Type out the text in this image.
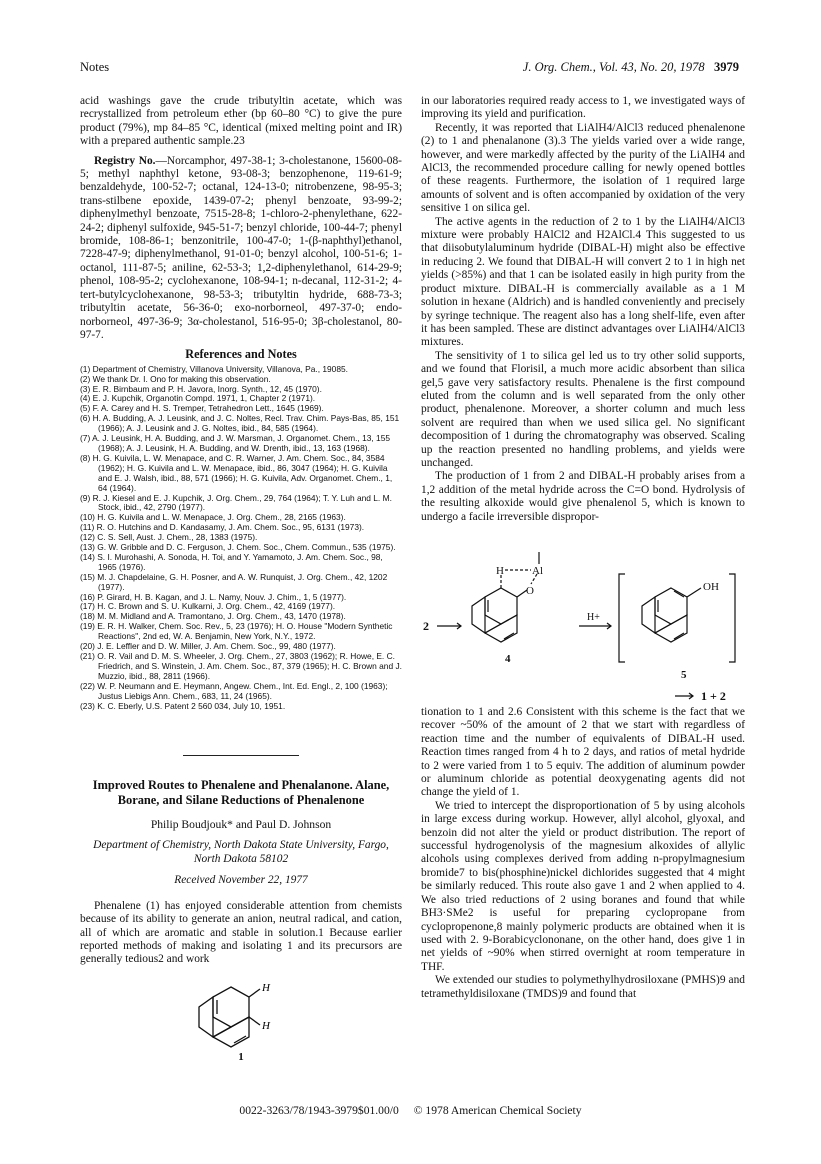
Notes	J. Org. Chem., Vol. 43, No. 20, 1978 3979

acid washings gave the crude tributyltin acetate, which was recrystallized from petroleum ether (bp 60–80 °C) to give the pure product (79%), mp 84–85 °C, identical (mixed melting point and IR) with a prepared authentic sample.23

Registry No.—Norcamphor, 497-38-1; 3-cholestanone, 15600-08-5; methyl naphthyl ketone, 93-08-3; benzophenone, 119-61-9; benzaldehyde, 100-52-7; octanal, 124-13-0; nitrobenzene, 98-95-3; trans-stilbene epoxide, 1439-07-2; phenyl benzoate, 93-99-2; diphenylmethyl benzoate, 7515-28-8; 1-chloro-2-phenylethane, 622-24-2; diphenyl sulfoxide, 945-51-7; benzyl chloride, 100-44-7; phenyl bromide, 108-86-1; benzonitrile, 100-47-0; 1-(β-naphthyl)ethanol, 7228-47-9; diphenylmethanol, 91-01-0; benzyl alcohol, 100-51-6; 1-octanol, 111-87-5; aniline, 62-53-3; 1,2-diphenylethanol, 614-29-9; phenol, 108-95-2; cyclohexanone, 108-94-1; n-decanal, 112-31-2; 4-tert-butylcyclohexanone, 98-53-3; tributyltin hydride, 688-73-3; tributyltin acetate, 56-36-0; exo-norborneol, 497-37-0; endo-norborneol, 497-36-9; 3α-cholestanol, 516-95-0; 3β-cholestanol, 80-97-7.

References and Notes
(1) Department of Chemistry, Villanova University, Villanova, Pa., 19085.
(2) We thank Dr. I. Ono for making this observation.
(3) E. R. Birnbaum and P. H. Javora, Inorg. Synth., 12, 45 (1970).
(4) E. J. Kupchik, Organotin Compd. 1971, 1, Chapter 2 (1971).
(5) F. A. Carey and H. S. Tremper, Tetrahedron Lett., 1645 (1969).
(6) H. A. Budding, A. J. Leusink, and J. C. Noltes, Recl. Trav. Chim. Pays-Bas, 85, 151 (1966); A. J. Leusink and J. G. Noltes, ibid., 84, 585 (1964).
(7) A. J. Leusink, H. A. Budding, and J. W. Marsman, J. Organomet. Chem., 13, 155 (1968); A. J. Leusink, H. A. Budding, and W. Drenth, ibid., 13, 163 (1968).
(8) H. G. Kuivila, L. W. Menapace, and C. R. Warner, J. Am. Chem. Soc., 84, 3584 (1962); H. G. Kuivila and L. W. Menapace, ibid., 86, 3047 (1964); H. G. Kuivila and E. J. Walsh, ibid., 88, 571 (1966); H. G. Kuivila, Adv. Organomet. Chem., 1, 64 (1964).
(9) R. J. Kiesel and E. J. Kupchik, J. Org. Chem., 29, 764 (1964); T. Y. Luh and L. M. Stock, ibid., 42, 2790 (1977).
(10) H. G. Kuivila and L. W. Menapace, J. Org. Chem., 28, 2165 (1963).
(11) R. O. Hutchins and D. Kandasamy, J. Am. Chem. Soc., 95, 6131 (1973).
(12) C. S. Sell, Aust. J. Chem., 28, 1383 (1975).
(13) G. W. Gribble and D. C. Ferguson, J. Chem. Soc., Chem. Commun., 535 (1975).
(14) S. I. Murohashi, A. Sonoda, H. Toi, and Y. Yamamoto, J. Am. Chem. Soc., 98, 1965 (1976).
(15) M. J. Chapdelaine, G. H. Posner, and A. W. Runquist, J. Org. Chem., 42, 1202 (1977).
(16) P. Girard, H. B. Kagan, and J. L. Namy, Nouv. J. Chim., 1, 5 (1977).
(17) H. C. Brown and S. U. Kulkarni, J. Org. Chem., 42, 4169 (1977).
(18) M. M. Midland and A. Tramontano, J. Org. Chem., 43, 1470 (1978).
(19) E. R. H. Walker, Chem. Soc. Rev., 5, 23 (1976); H. O. House "Modern Synthetic Reactions", 2nd ed, W. A. Benjamin, New York, N.Y., 1972.
(20) J. E. Leffler and D. W. Miller, J. Am. Chem. Soc., 99, 480 (1977).
(21) O. R. Vail and D. M. S. Wheeler, J. Org. Chem., 27, 3803 (1962); R. Howe, E. C. Friedrich, and S. Winstein, J. Am. Chem. Soc., 87, 379 (1965); H. C. Brown and J. Muzzio, ibid., 88, 2811 (1966).
(22) W. P. Neumann and E. Heymann, Angew. Chem., Int. Ed. Engl., 2, 100 (1963); Justus Liebigs Ann. Chem., 683, 11, 24 (1965).
(23) K. C. Eberly, U.S. Patent 2 560 034, July 10, 1951.
Improved Routes to Phenalene and Phenalanone. Alane, Borane, and Silane Reductions of Phenalenone
Philip Boudjouk* and Paul D. Johnson
Department of Chemistry, North Dakota State University, Fargo, North Dakota 58102
Received November 22, 1977

Phenalene (1) has enjoyed considerable attention from chemists because of its ability to generate an anion, neutral radical, and cation, all of which are aromatic and stable in solution.1 Because earlier reported methods of making and isolating 1 and its precursors are generally tedious2 and work

H
H
1

in our laboratories required ready access to 1, we investigated ways of improving its yield and purification.

Recently, it was reported that LiAlH4/AlCl3 reduced phenalenone (2) to 1 and phenalanone (3).3 The yields varied over a wide range, however, and were markedly affected by the purity of the LiAlH4 and AlCl3, the recommended procedure calling for newly opened bottles of these reagents. Furthermore, the isolation of 1 required large amounts of solvent and is often accompanied by oxidation of the very sensitive 1 on silica gel.

The active agents in the reduction of 2 to 1 by the LiAlH4/AlCl3 mixture were probably HAlCl2 and H2AlCl.4 This suggested to us that diisobutylaluminum hydride (DIBAL-H) might also be effective in reducing 2. We found that DIBAL-H will convert 2 to 1 in high net yields (>85%) and that 1 can be isolated easily in high purity from the product mixture. DIBAL-H is commercially available as a 1 M solution in hexane (Aldrich) and is handled conveniently and precisely by syringe technique. The reagent also has a long shelf-life, even after it has been sampled. These are distinct advantages over LiAlH4/AlCl3 mixtures.

The sensitivity of 1 to silica gel led us to try other solid supports, and we found that Florisil, a much more acidic absorbent than silica gel,5 gave very satisfactory results. Phenalene is the first compound eluted from the column and is well separated from the only other product, phenalenone. Moreover, a shorter column and much less solvent are required than when we used silica gel. No significant decomposition of 1 during the chromatography was observed. Scaling up the reaction presented no handling problems, and yields were unchanged.

The production of 1 from 2 and DIBAL-H probably arises from a 1,2 addition of the metal hydride across the C=O bond. Hydrolysis of the resulting alkoxide would give phenalenol 5, which is known to undergo a facile irreversible dispropor-

2
H	Al
O
4
H+
OH
5
1 + 2

tionation to 1 and 2.6 Consistent with this scheme is the fact that we recover ~50% of the amount of 2 that we start with regardless of reaction time and the number of equivalents of DIBAL-H used. Reaction times ranged from 4 h to 2 days, and ratios of metal hydride to 2 were varied from 1 to 5 equiv. The addition of aluminum powder or aluminum chloride as potential deoxygenating agents did not change the yield of 1.

We tried to intercept the disproportionation of 5 by using alcohols in large excess during workup. However, allyl alcohol, glyoxal, and benzoin did not alter the yield or product distribution. The report of successful hydrogenolysis of the magnesium alkoxides of allylic alcohols using complexes derived from adding n-propylmagnesium bromide7 to bis(phosphine)nickel dichlorides suggested that 4 might be similarly reduced. This route also gave 1 and 2 when applied to 4. We also tried reductions of 2 using boranes and found that while BH3·SMe2 is useful for preparing cyclopropane from cyclopropenone,8 mainly polymeric products are obtained when it is used with 2. 9-Borabicyclononane, on the other hand, does give 1 in net yields of ~90% when stirred overnight at room temperature in THF.

We extended our studies to polymethylhydrosiloxane (PMHS)9 and tetramethyldisiloxane (TMDS)9 and found that

0022-3263/78/1943-3979$01.00/0 © 1978 American Chemical Society
